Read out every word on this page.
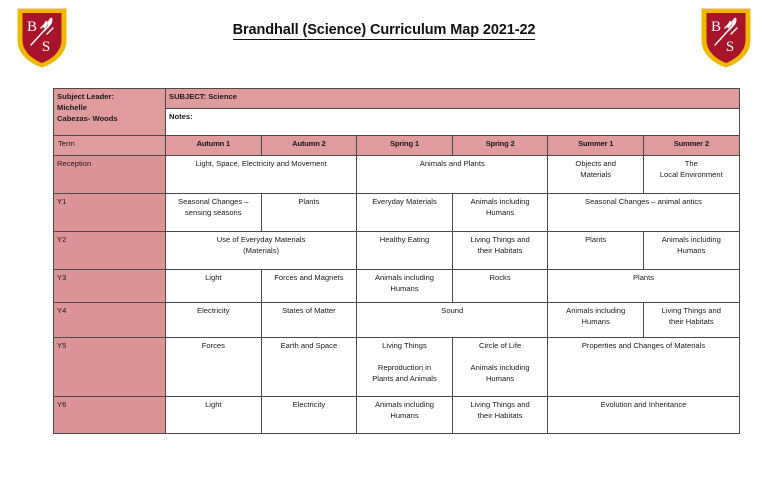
B
S
Brandhall (Science) Curriculum Map 2021-22	B
S
Subject Leader:
Michelle
Cabezas- Woods	SUBJECT: Science					
	Notes:					
Term	Autumn 1	Autumn 2	Spring 1	Spring 2	Summer 1	Summer 2
Reception	Light, Space, Electricity and Movement		Animals and Plants		Objects and
Materials	The
Local Environment

Y1	Seasonal Changes –
sensing seasons	Plants	Everyday Materials	Animals including
Humans	Seasonal Changes – animal antics	

Y2	Use of Everyday Materials
(Materials)		Healthy Eating	Living Things and
their Habitats	Plants	Animals including
Humans

Y3	Light	Forces and Magnets	Animals including
Humans	Rocks	Plants	

Y4	Electricity	States of Matter	Sound		Animals including
Humans	Living Things and
their Habitats

Y5	Forces	Earth and Space	Living Things
Reproduction in
Plants and Animals	Circle of Life
Animals including
Humans	Properties and Changes of Materials	

Y6	Light	Electricity	Animals including
Humans	Living Things and
their Habitats	Evolution and Inheritance	
